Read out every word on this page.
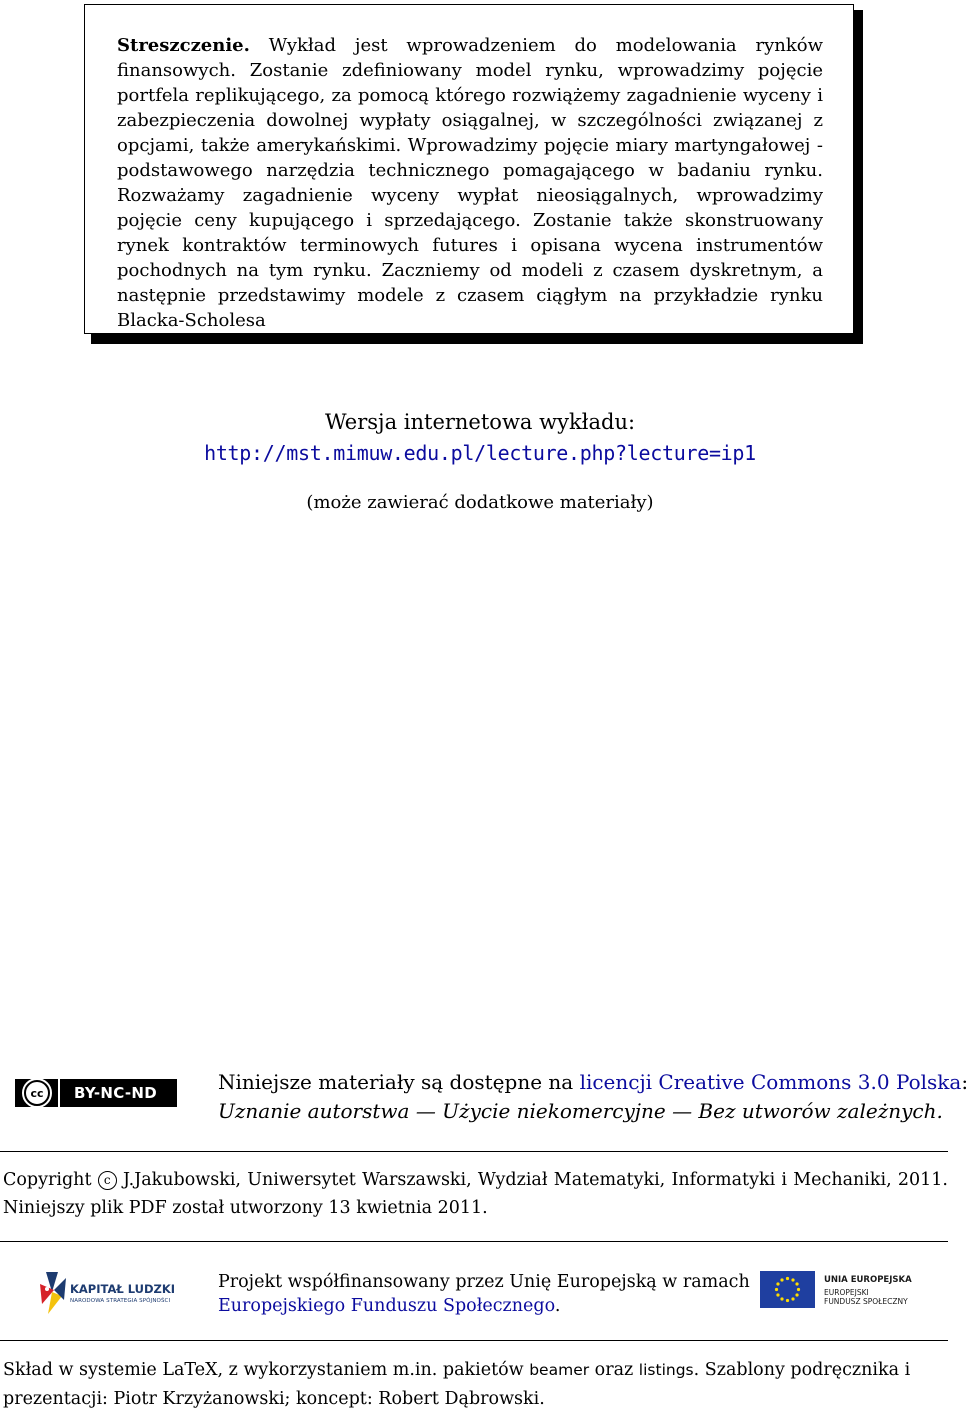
Streszczenie. Wykład jest wprowadzeniem do modelowania rynków finansowych. Zostanie zdefiniowany model rynku, wprowadzimy pojęcie portfela replikującego, za pomocą którego rozwiążemy zagadnienie wyceny i zabezpieczenia dowolnej wypłaty osiągalnej, w szczególności związanej z opcjami, także amerykańskimi. Wprowadzimy pojęcie miary martyngałowej - podstawowego narzędzia technicznego pomagającego w badaniu rynku. Rozważamy zagadnienie wyceny wypłat nieosiągalnych, wprowadzimy pojęcie ceny kupującego i sprzedającego. Zostanie także skonstruowany rynek kontraktów terminowych futures i opisana wycena instrumentów pochodnych na tym rynku. Zaczniemy od modeli z czasem dyskretnym, a następnie przedstawimy modele z czasem ciągłym na przykładzie rynku Blacka-Scholesa
Wersja internetowa wykładu:
http://mst.mimuw.edu.pl/lecture.php?lecture=ip1
(może zawierać dodatkowe materiały)
cc	BY-NC-ND	Niniejsze materiały są dostępne na licencji Creative Commons 3.0 Polska:
Uznanie autorstwa — Użycie niekomercyjne — Bez utworów zależnych.
Copyright c J.Jakubowski, Uniwersytet Warszawski, Wydział Matematyki, Informatyki i Mechaniki, 2011. Niniejszy plik PDF został utworzony 13 kwietnia 2011.
KAPITAŁ LUDZKI
NARODOWA STRATEGIA SPÓJNOŚCI
Projekt współfinansowany przez Unię Europejską w ramach
Europejskiego Funduszu Społecznego.
UNIA EUROPEJSKA
EUROPEJSKI
FUNDUSZ SPOŁECZNY
Skład w systemie LaTeX, z wykorzystaniem m.in. pakietów beamer oraz listings. Szablony podręcznika i prezentacji: Piotr Krzyżanowski; koncept: Robert Dąbrowski.
